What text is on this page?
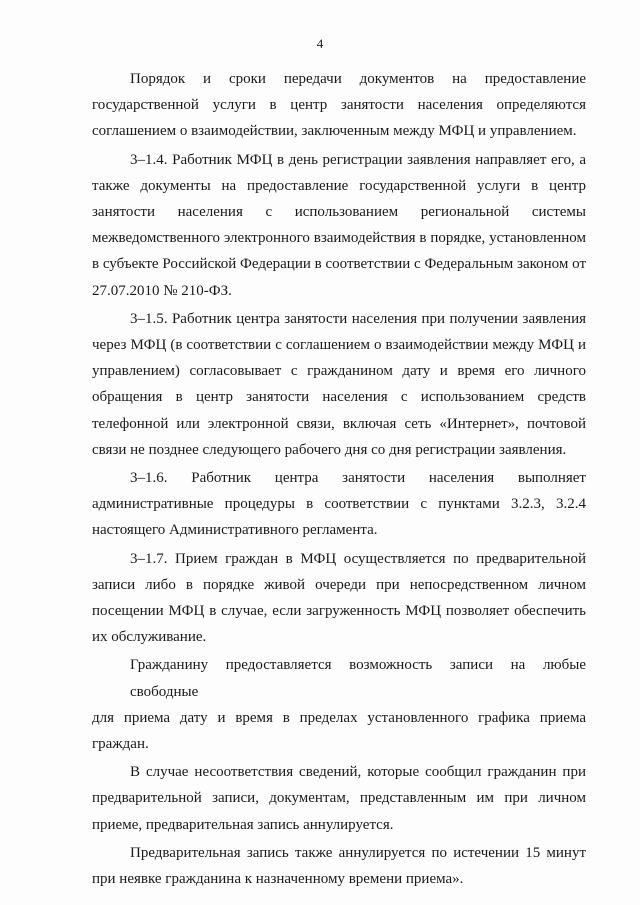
4
Порядок и сроки передачи документов на предоставление
государственной услуги в центр занятости населения определяются
соглашением о взаимодействии, заключенным между МФЦ и управлением.
3–1.4. Работник МФЦ в день регистрации заявления направляет его, а
также документы на предоставление государственной услуги в центр
занятости населения с использованием региональной системы
межведомственного электронного взаимодействия в порядке, установленном
в субъекте Российской Федерации в соответствии с Федеральным законом от
27.07.2010 № 210-ФЗ.
3–1.5. Работник центра занятости населения при получении заявления
через МФЦ (в соответствии с соглашением о взаимодействии между МФЦ и
управлением) согласовывает с гражданином дату и время его личного
обращения в центр занятости населения с использованием средств
телефонной или электронной связи, включая сеть «Интернет», почтовой
связи не позднее следующего рабочего дня со дня регистрации заявления.
3–1.6. Работник центра занятости населения выполняет
административные процедуры в соответствии с пунктами 3.2.3, 3.2.4
настоящего Административного регламента.
3–1.7. Прием граждан в МФЦ осуществляется по предварительной
записи либо в порядке живой очереди при непосредственном личном
посещении МФЦ в случае, если загруженность МФЦ позволяет обеспечить
их обслуживание.
Гражданину предоставляется возможность записи на любые свободные
для приема дату и время в пределах установленного графика приема
граждан.
В случае несоответствия сведений, которые сообщил гражданин при
предварительной записи, документам, представленным им при личном
приеме, предварительная запись аннулируется.
Предварительная запись также аннулируется по истечении 15 минут
при неявке гражданина к назначенному времени приема».
